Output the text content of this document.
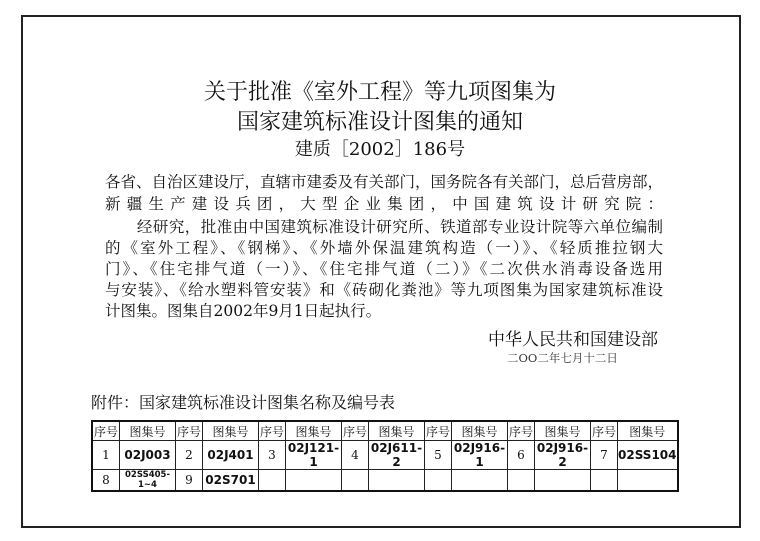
关于批准《室外工程》等九项图集为
国家建筑标准设计图集的通知
建质［2002］186号
各省、自治区建设厅，直辖市建委及有关部门，国务院各有关部门，总后营房部，
新疆生产建设兵团，大型企业集团，中国建筑设计研究院：
　　经研究，批准由中国建筑标准设计研究所、铁道部专业设计院等六单位编制
的《室外工程》、《钢梯》、《外墙外保温建筑构造（一）》、《轻质推拉钢大
门》、《住宅排气道（一）》、《住宅排气道（二）》《二次供水消毒设备选用
与安装》、《给水塑料管安装》和《砖砌化粪池》等九项图集为国家建筑标准设
计图集。图集自2002年9月1日起执行。
中华人民共和国建设部
二OO二年七月十二日
附件：国家建筑标准设计图集名称及编号表
序号	图集号	序号	图集号	序号	图集号	序号	图集号	序号	图集号	序号	图集号	序号	图集号
1	02J003	2	02J401	3	02J121-1	4	02J611-2	5	02J916-1	6	02J916-2	7	02SS104
8	02SS405-1~4	9	02S701										
